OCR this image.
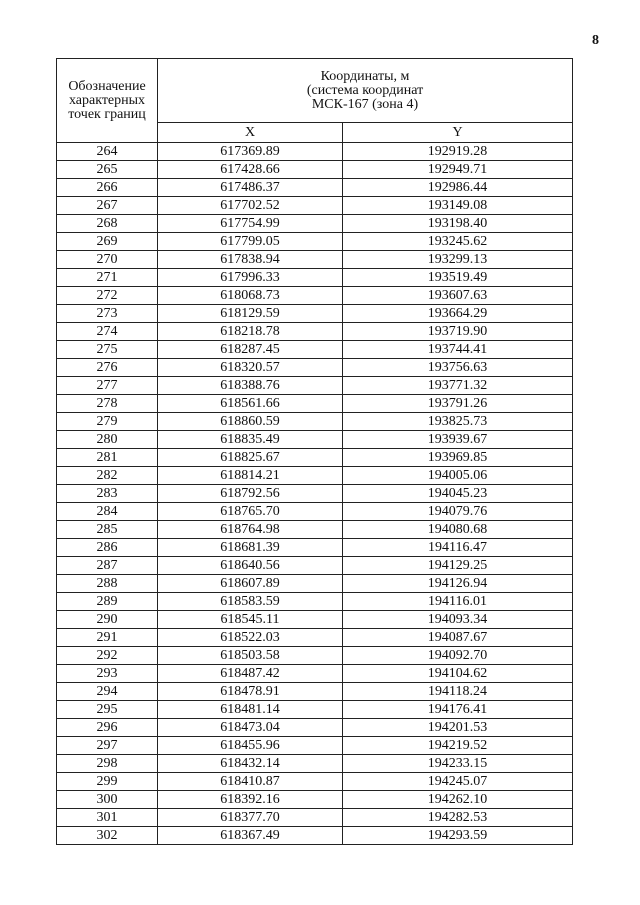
8
Обозначение
характерных
точек границ	Координаты, м
(система координат
МСК-167 (зона 4)	

	X	Y
264	617369.89	192919.28
265	617428.66	192949.71
266	617486.37	192986.44
267	617702.52	193149.08
268	617754.99	193198.40
269	617799.05	193245.62
270	617838.94	193299.13
271	617996.33	193519.49
272	618068.73	193607.63
273	618129.59	193664.29
274	618218.78	193719.90
275	618287.45	193744.41
276	618320.57	193756.63
277	618388.76	193771.32
278	618561.66	193791.26
279	618860.59	193825.73
280	618835.49	193939.67
281	618825.67	193969.85
282	618814.21	194005.06
283	618792.56	194045.23
284	618765.70	194079.76
285	618764.98	194080.68
286	618681.39	194116.47
287	618640.56	194129.25
288	618607.89	194126.94
289	618583.59	194116.01
290	618545.11	194093.34
291	618522.03	194087.67
292	618503.58	194092.70
293	618487.42	194104.62
294	618478.91	194118.24
295	618481.14	194176.41
296	618473.04	194201.53
297	618455.96	194219.52
298	618432.14	194233.15
299	618410.87	194245.07
300	618392.16	194262.10
301	618377.70	194282.53
302	618367.49	194293.59
